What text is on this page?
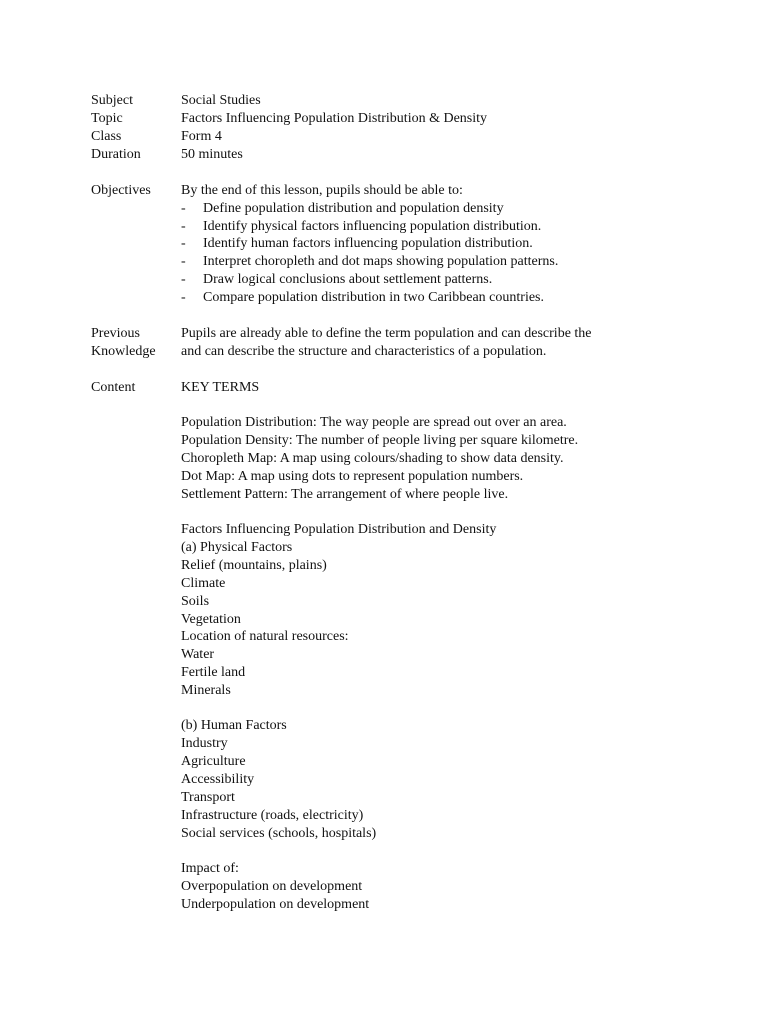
Subject	Social Studies
Topic	Factors Influencing Population Distribution & Density
Class	Form 4
Duration	50 minutes
Objectives By the end of this lesson, pupils should be able to:
- Define population distribution and population density
- Identify physical factors influencing population distribution.
- Identify human factors influencing population distribution.
- Interpret choropleth and dot maps showing population patterns.
- Draw logical conclusions about settlement patterns.
- Compare population distribution in two Caribbean countries.
Previous	Pupils are already able to define the term population and can describe the
Knowledge and can describe the structure and characteristics of a population.
Content	KEY TERMS
Population Distribution: The way people are spread out over an area.
Population Density: The number of people living per square kilometre.
Choropleth Map: A map using colours/shading to show data density.
Dot Map: A map using dots to represent population numbers.
Settlement Pattern: The arrangement of where people live.
Factors Influencing Population Distribution and Density
(a) Physical Factors
Relief (mountains, plains)
Climate
Soils
Vegetation
Location of natural resources:
Water
Fertile land
Minerals
(b) Human Factors
Industry
Agriculture
Accessibility
Transport
Infrastructure (roads, electricity)
Social services (schools, hospitals)
Impact of:
Overpopulation on development
Underpopulation on development
